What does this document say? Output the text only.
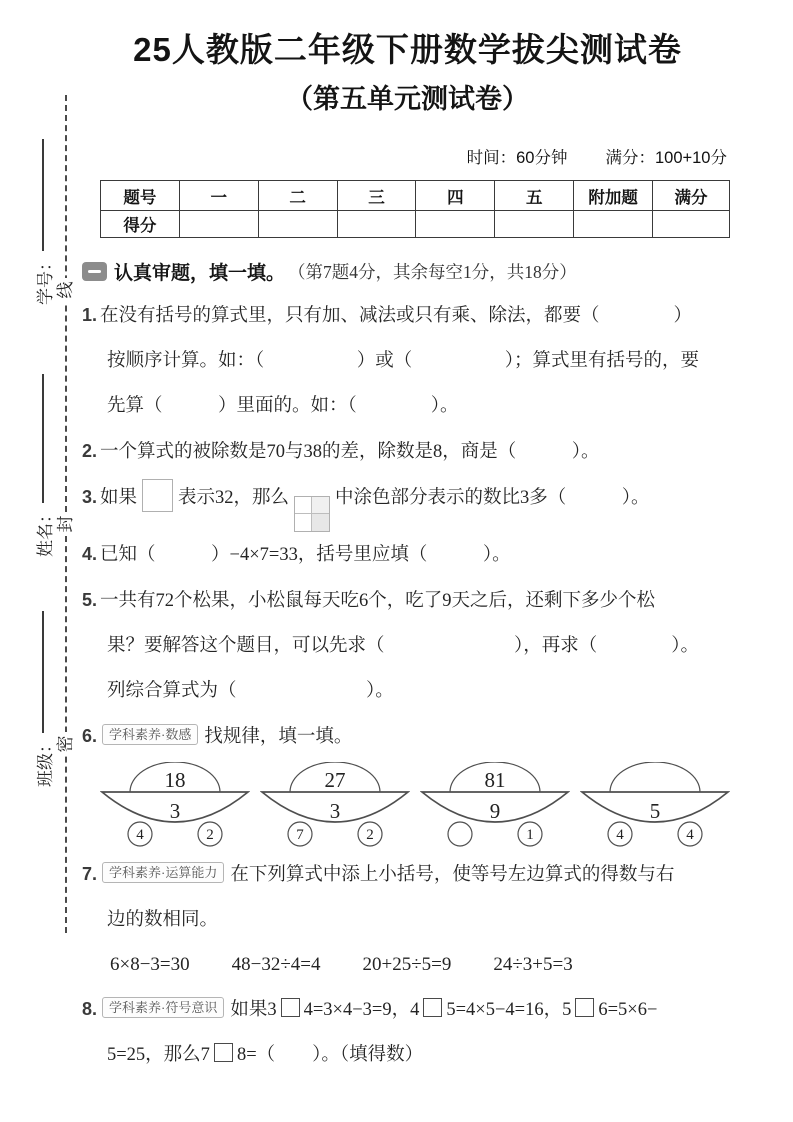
学号：
姓名：
班级：
线
封
密
25人教版二年级下册数学拔尖测试卷
（第五单元测试卷）
时间：60分钟 满分：100+10分
题号	一	二	三	四	五	附加题	满分
得分							
认真审题，填一填。 （第7题4分，其余每空1分，共18分）
1. 在没有括号的算式里，只有加、减法或只有乘、除法，都要（　　　　）
按顺序计算。如：（　　　　　）或（　　　　　）；算式里有括号的，要
先算（　　　）里面的。如：（　　　　）。
2. 一个算式的被除数是70与38的差，除数是8，商是（　　　）。
3. 如果 表示32，那么 中涂色部分表示的数比3多（　　　）。
4. 已知（　　　）−4×7=33，括号里应填（　　　）。
5. 一共有72个松果，小松鼠每天吃6个，吃了9天之后，还剩下多少个松
果？要解答这个题目，可以先求（　　　　　　　），再求（　　　　）。
列综合算式为（　　　　　　　）。
6. 学科素养·数感 找规律，填一填。
18
3
4	2
27
3
7	2
81
9
1
5
4	4
7. 学科素养·运算能力 在下列算式中添上小括号，使等号左边算式的得数与右
边的数相同。
6×8−3=30 48−32÷4=4 20+25÷5=9 24÷3+5=3
8. 学科素养·符号意识 如果3 4=3×4−3=9，4 5=4×5−4=16，5 6=5×6−
5=25，那么7 8=（　　）。（填得数）
